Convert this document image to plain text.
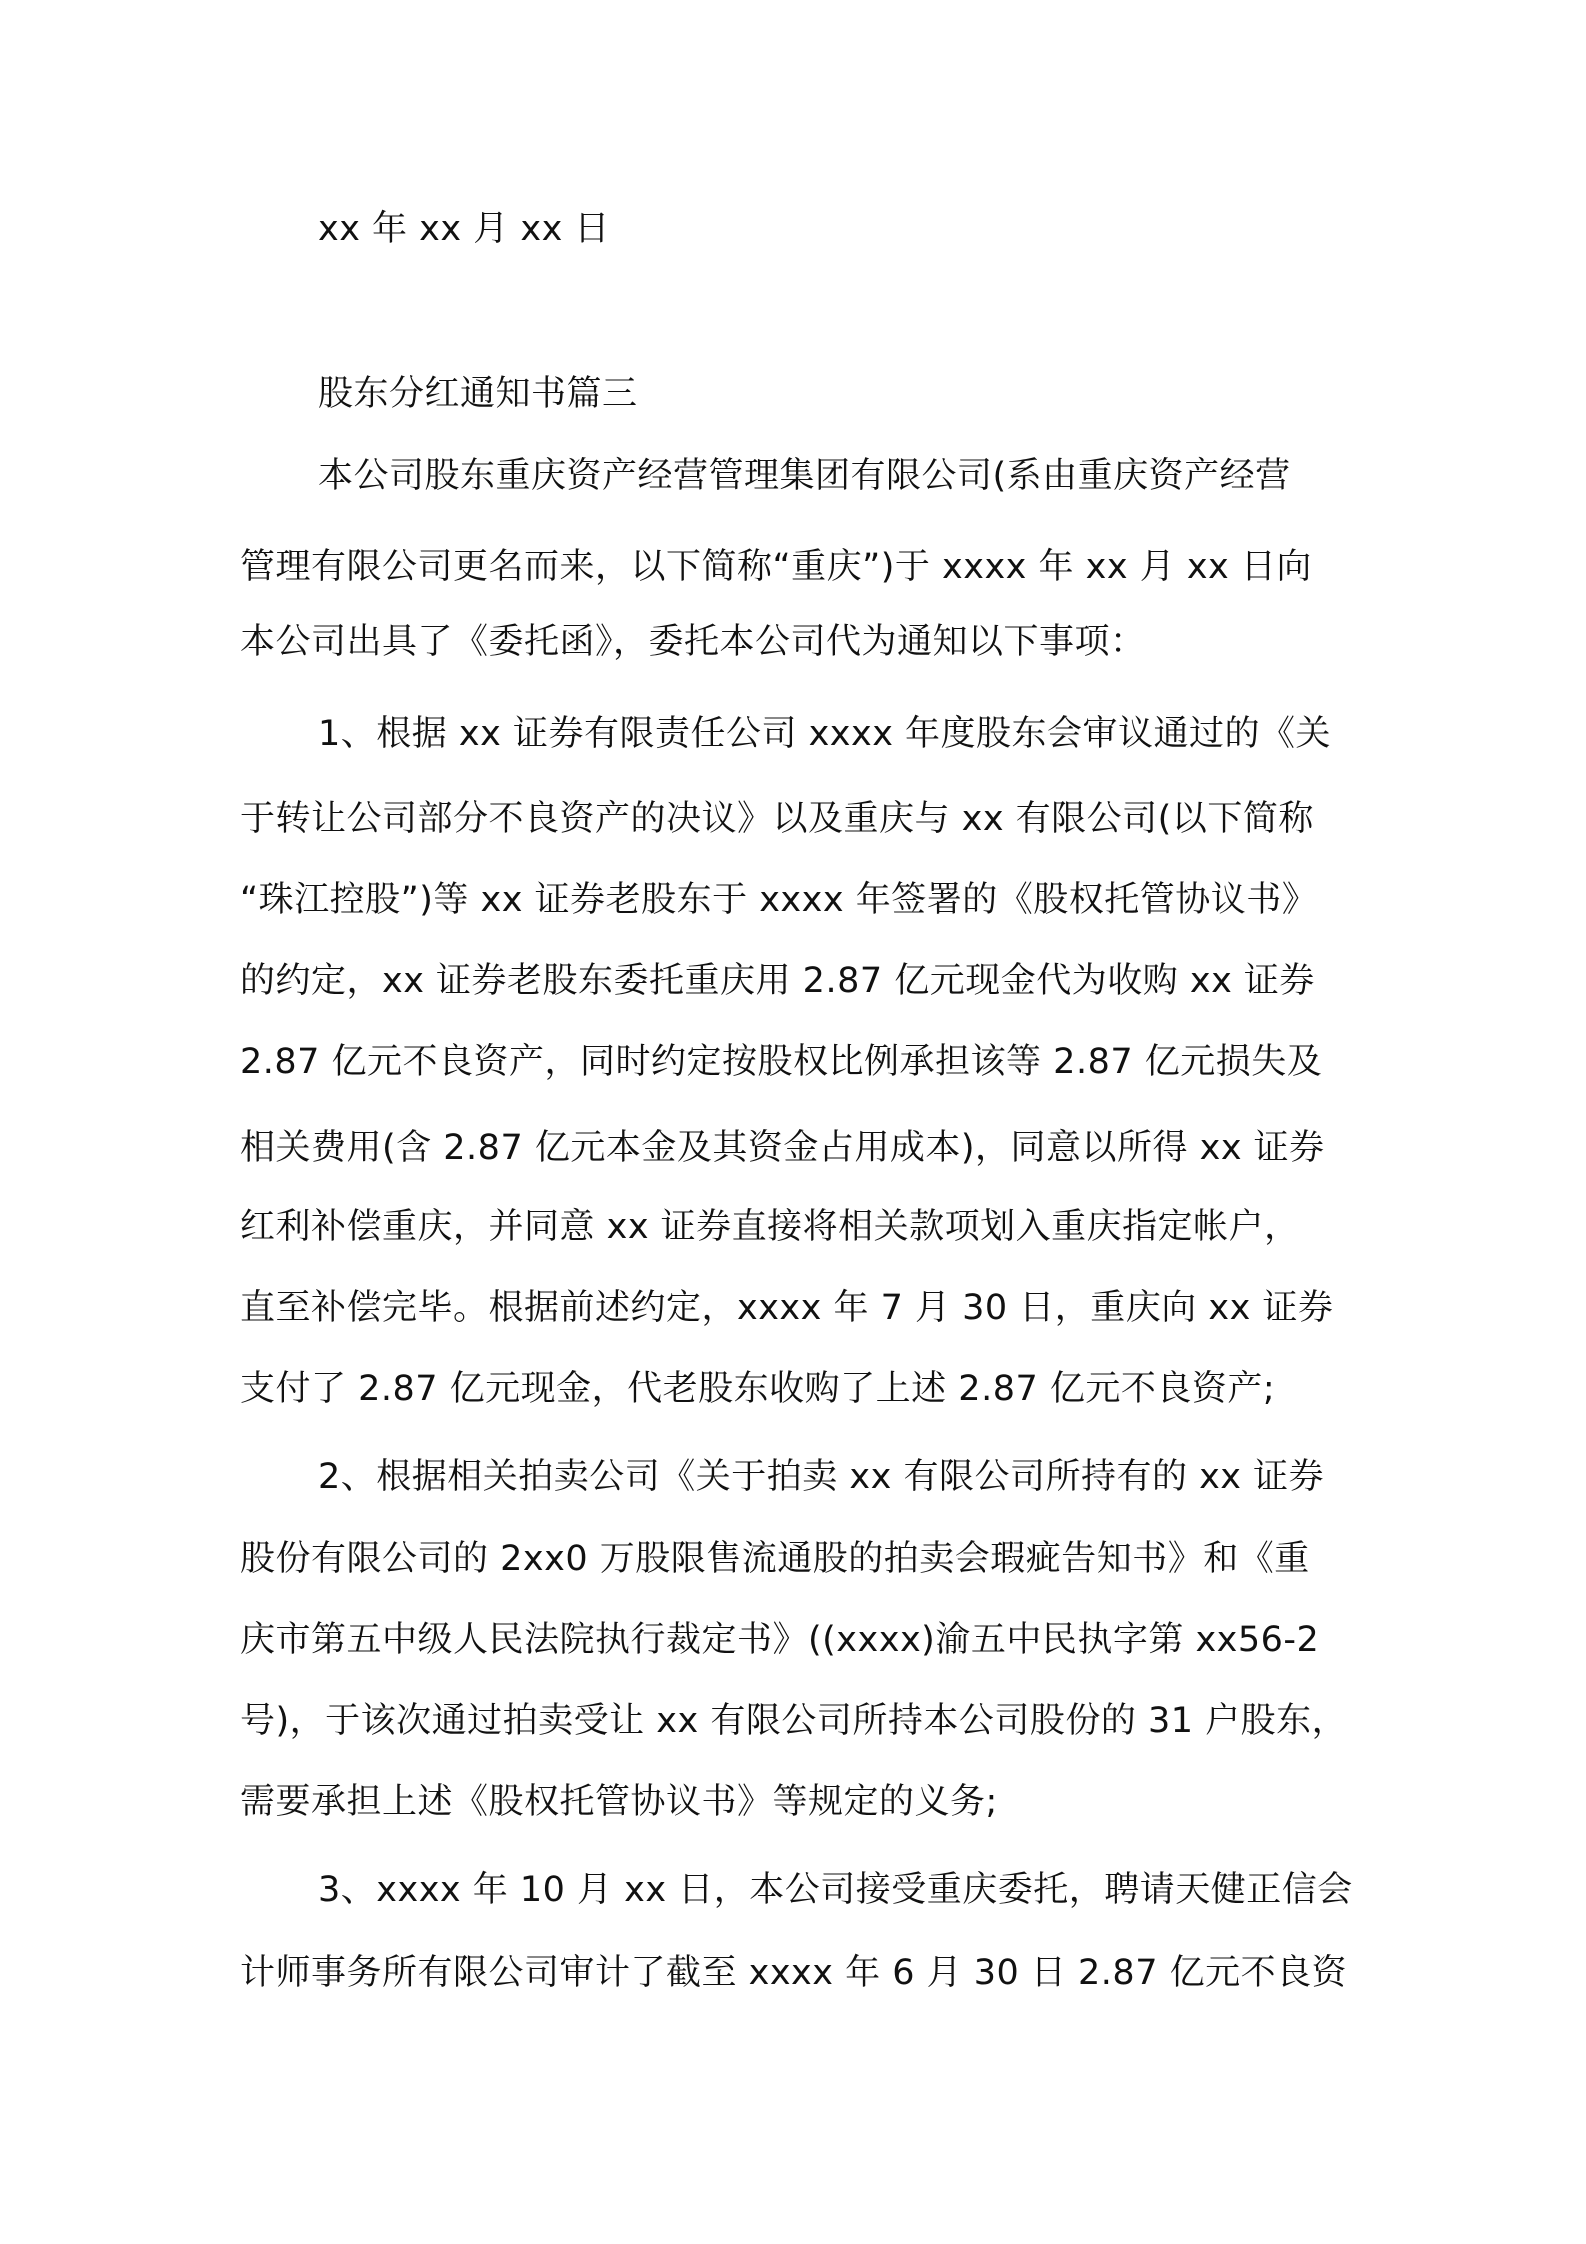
xx 年 xx 月 xx 日
股东分红通知书篇三
本公司股东重庆资产经营管理集团有限公司(系由重庆资产经营
管理有限公司更名而来，以下简称“重庆”)于 xxxx 年 xx 月 xx 日向
本公司出具了《委托函》，委托本公司代为通知以下事项：
1、根据 xx 证券有限责任公司 xxxx 年度股东会审议通过的《关
于转让公司部分不良资产的决议》以及重庆与 xx 有限公司(以下简称
“珠江控股”)等 xx 证券老股东于 xxxx 年签署的《股权托管协议书》
的约定，xx 证券老股东委托重庆用 2.87 亿元现金代为收购 xx 证券
2.87 亿元不良资产，同时约定按股权比例承担该等 2.87 亿元损失及
相关费用(含 2.87 亿元本金及其资金占用成本)，同意以所得 xx 证券
红利补偿重庆，并同意 xx 证券直接将相关款项划入重庆指定帐户，
直至补偿完毕。根据前述约定，xxxx 年 7 月 30 日，重庆向 xx 证券
支付了 2.87 亿元现金，代老股东收购了上述 2.87 亿元不良资产;
2、根据相关拍卖公司《关于拍卖 xx 有限公司所持有的 xx 证券
股份有限公司的 2xx0 万股限售流通股的拍卖会瑕疵告知书》和《重
庆市第五中级人民法院执行裁定书》((xxxx)渝五中民执字第 xx56-2
号)，于该次通过拍卖受让 xx 有限公司所持本公司股份的 31 户股东，
需要承担上述《股权托管协议书》等规定的义务;
3、xxxx 年 10 月 xx 日，本公司接受重庆委托，聘请天健正信会
计师事务所有限公司审计了截至 xxxx 年 6 月 30 日 2.87 亿元不良资
